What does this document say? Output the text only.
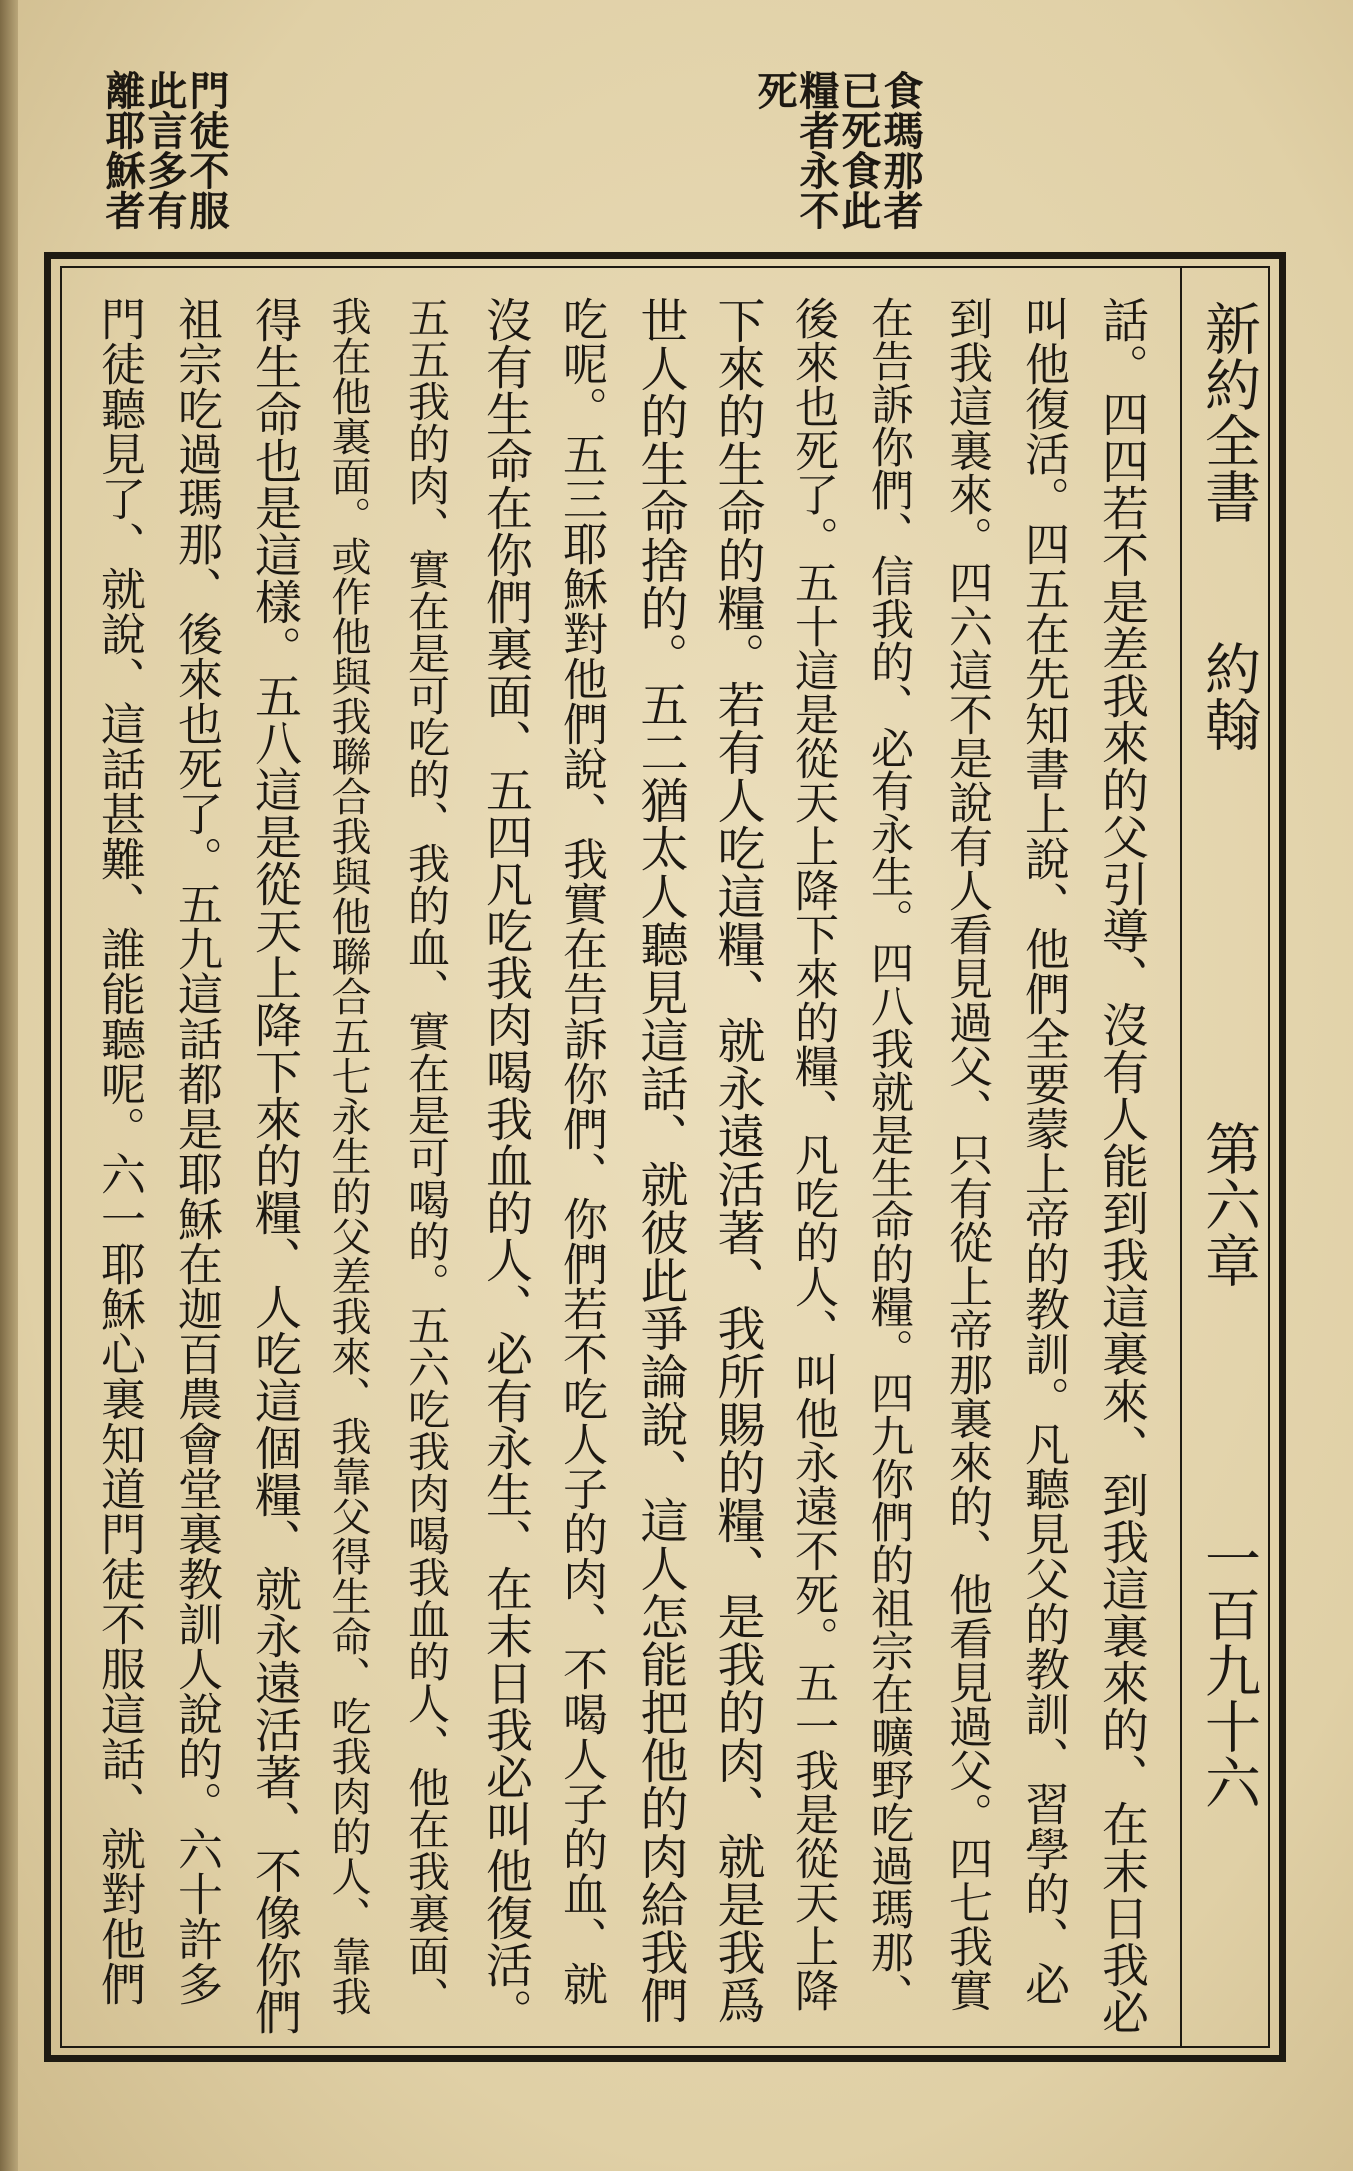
食瑪那者
已死食此
糧者永不
死
門徒不服
此言多有
離耶穌者
新約全書
約翰
第六章
一百九十六
話。四四若不是差我來的父引導、沒有人能到我這裏來、到我這裏來的、在末日我必
叫他復活。四五在先知書上說、他們全要蒙上帝的教訓。凡聽見父的教訓、習學的、必
到我這裏來。四六這不是說有人看見過父、只有從上帝那裏來的、他看見過父。四七我實
在告訴你們、信我的、必有永生。四八我就是生命的糧。四九你們的祖宗在曠野吃過瑪那、
後來也死了。五十這是從天上降下來的糧、凡吃的人、叫他永遠不死。五一我是從天上降
下來的生命的糧。若有人吃這糧、就永遠活著、我所賜的糧、是我的肉、就是我爲
世人的生命捨的。五二猶太人聽見這話、就彼此爭論說、這人怎能把他的肉給我們
吃呢。五三耶穌對他們說、我實在告訴你們、你們若不吃人子的肉、不喝人子的血、就
沒有生命在你們裏面、五四凡吃我肉喝我血的人、必有永生、在末日我必叫他復活。
五五我的肉、實在是可吃的、我的血、實在是可喝的。五六吃我肉喝我血的人、他在我裏面、
我在他裏面。或作他與我聯合我與他聯合五七永生的父差我來、我靠父得生命、吃我肉的人、靠我
得生命也是這樣。五八這是從天上降下來的糧、人吃這個糧、就永遠活著、不像你們
祖宗吃過瑪那、後來也死了。五九這話都是耶穌在迦百農會堂裏教訓人說的。六十許多
門徒聽見了、就說、這話甚難、誰能聽呢。六一耶穌心裏知道門徒不服這話、就對他們
